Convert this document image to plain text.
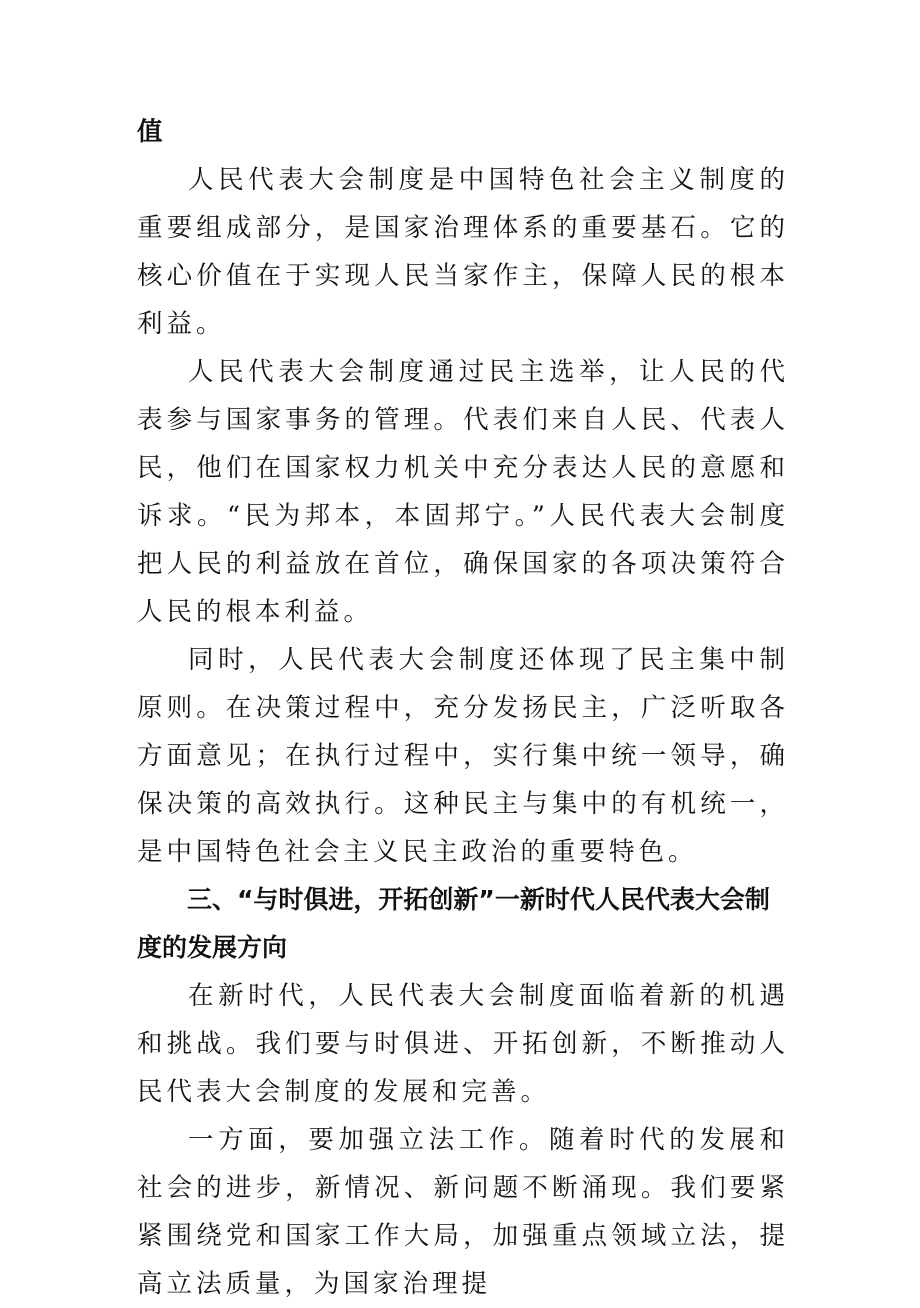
值

人民代表大会制度是中国特色社会主义制度的重要组成部分，是国家治理体系的重要基石。它的核心价值在于实现人民当家作主，保障人民的根本利益。

人民代表大会制度通过民主选举，让人民的代表参与国家事务的管理。代表们来自人民、代表人民，他们在国家权力机关中充分表达人民的意愿和诉求。“民为邦本，本固邦宁。”人民代表大会制度把人民的利益放在首位，确保国家的各项决策符合人民的根本利益。

同时，人民代表大会制度还体现了民主集中制原则。在决策过程中，充分发扬民主，广泛听取各方面意见；在执行过程中，实行集中统一领导，确保决策的高效执行。这种民主与集中的有机统一，是中国特色社会主义民主政治的重要特色。

三、“与时俱进，开拓创新”一新时代人民代表大会制度的发展方向

在新时代，人民代表大会制度面临着新的机遇和挑战。我们要与时俱进、开拓创新，不断推动人民代表大会制度的发展和完善。

一方面，要加强立法工作。随着时代的发展和社会的进步，新情况、新问题不断涌现。我们要紧紧围绕党和国家工作大局，加强重点领域立法，提高立法质量，为国家治理提
